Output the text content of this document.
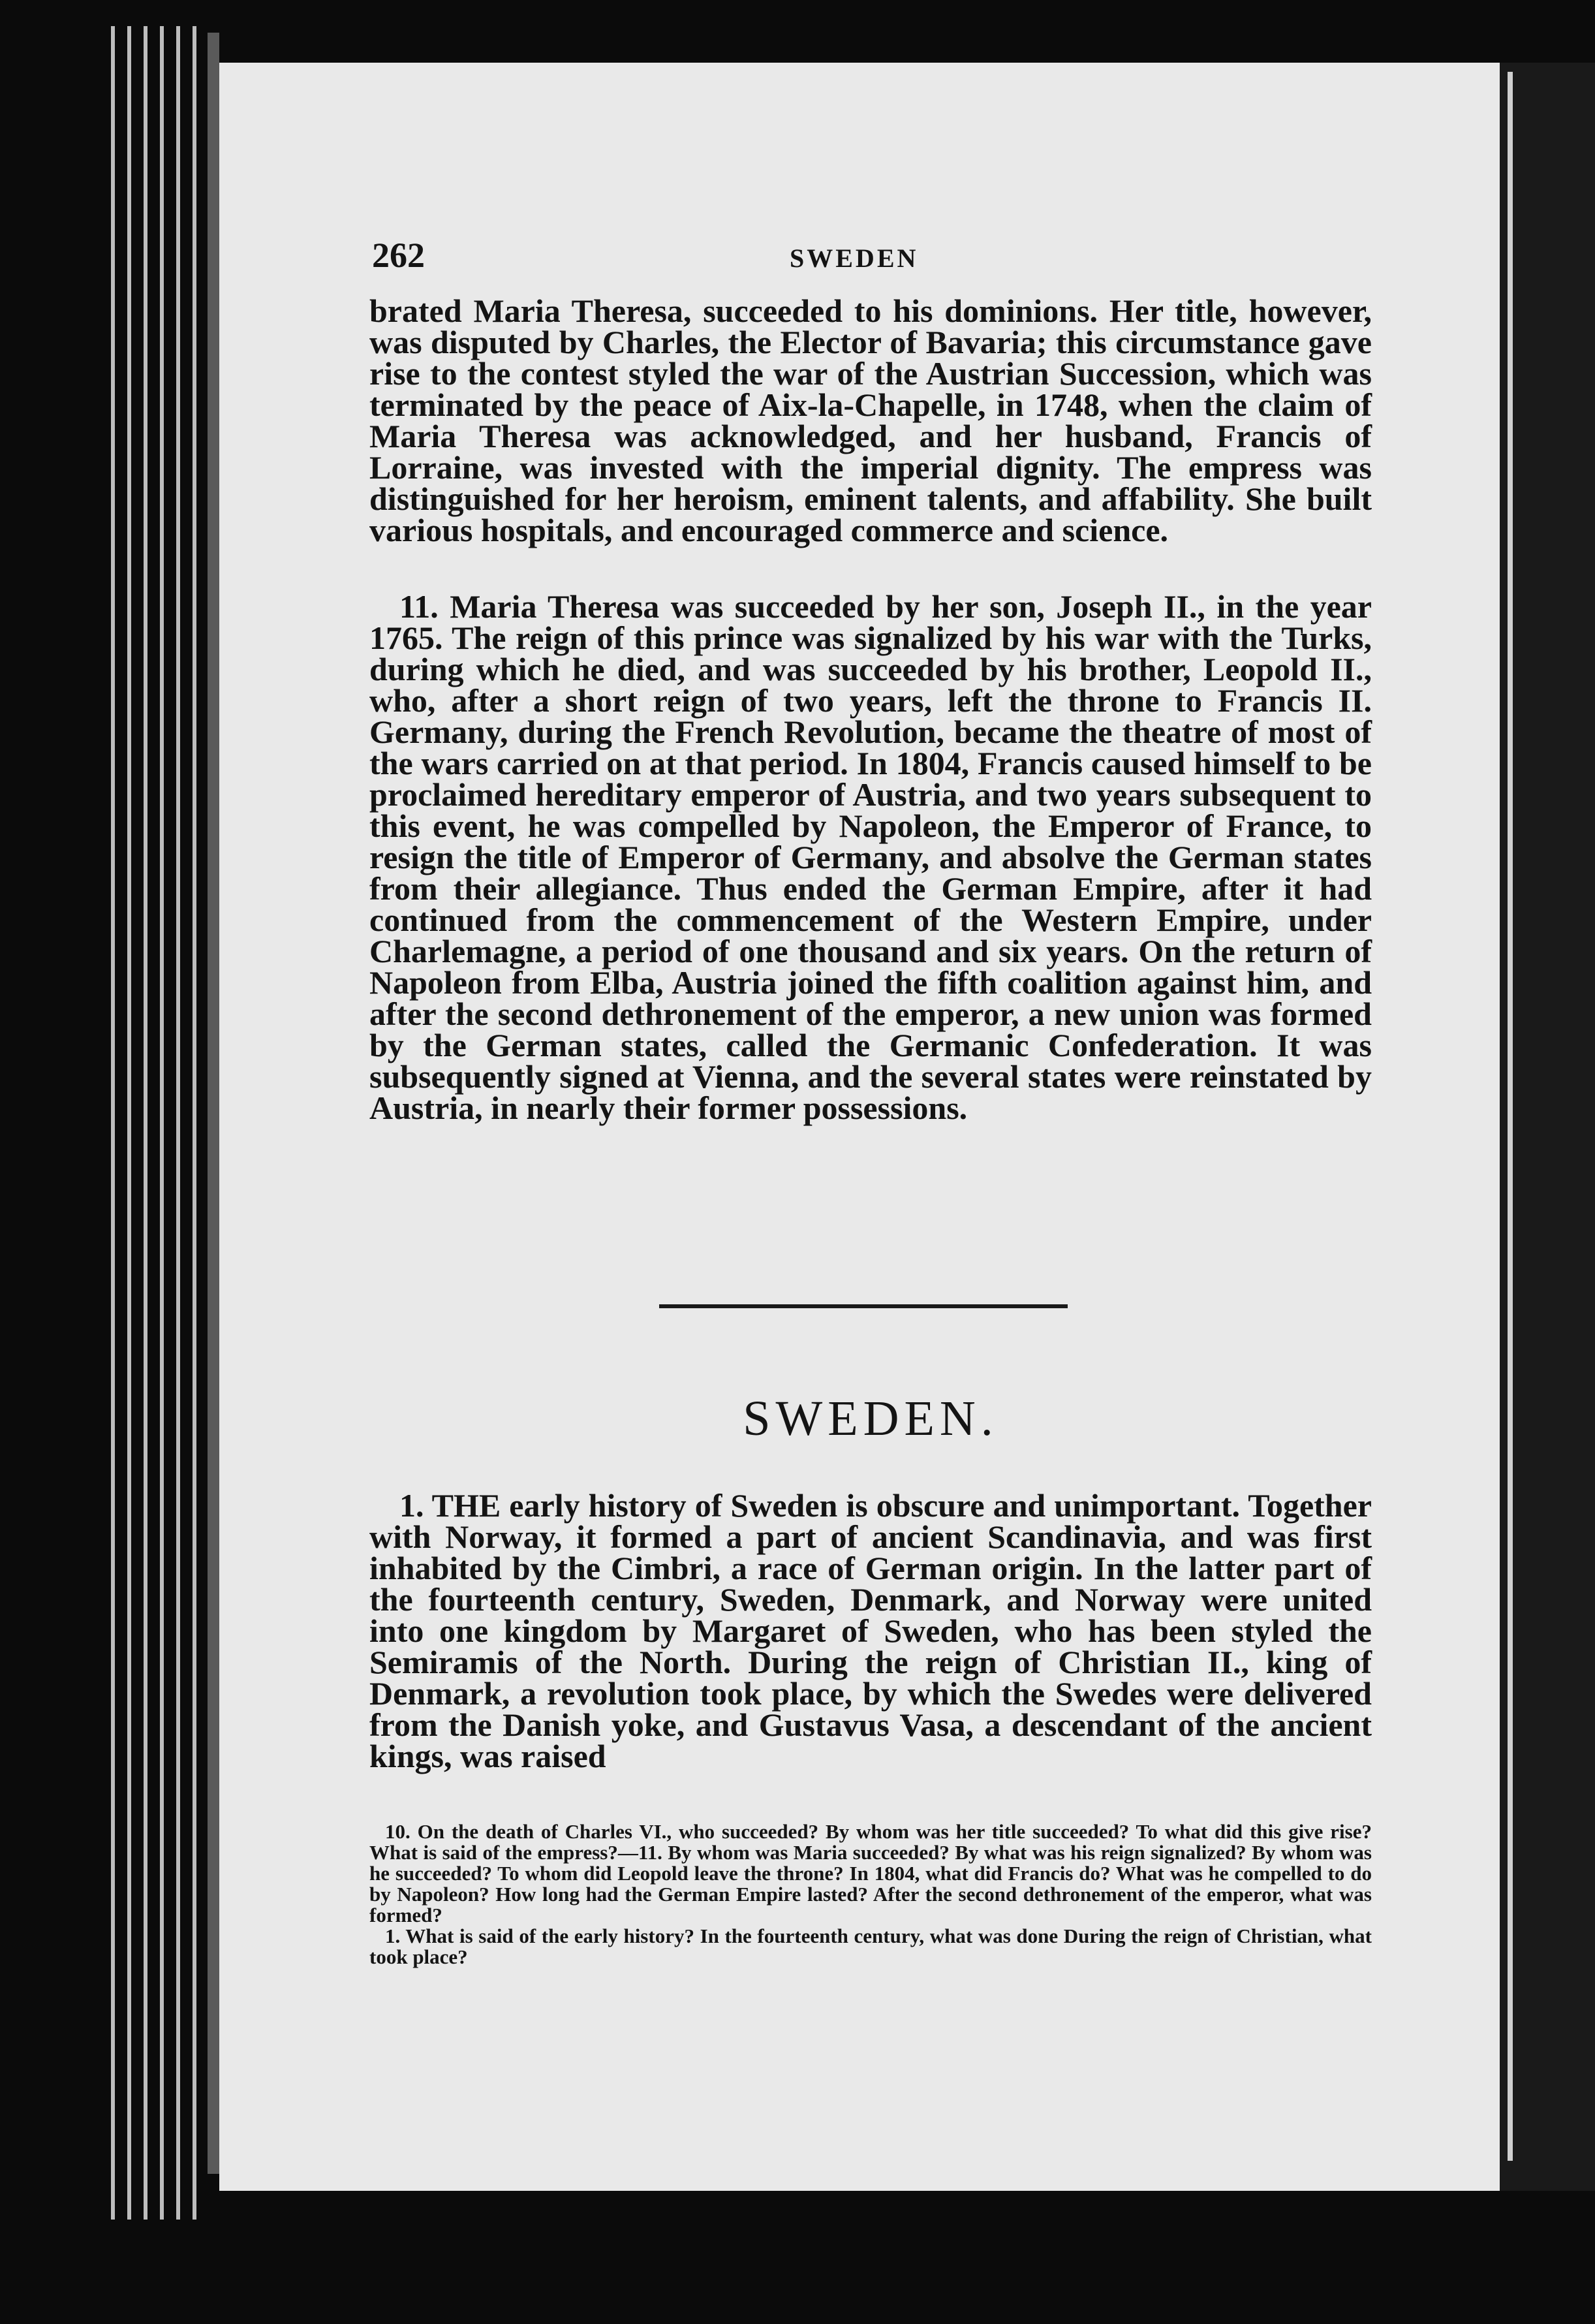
262	SWEDEN

brated Maria Theresa, succeeded to his dominions. Her title, however, was disputed by Charles, the Elector of Bavaria; this circumstance gave rise to the contest styled the war of the Austrian Succession, which was terminated by the peace of Aix-la-Chapelle, in 1748, when the claim of Maria Theresa was acknowledged, and her husband, Francis of Lorraine, was invested with the imperial dignity. The empress was distinguished for her heroism, eminent talents, and affability. She built various hospitals, and encouraged commerce and science.

11. Maria Theresa was succeeded by her son, Joseph II., in the year 1765. The reign of this prince was signalized by his war with the Turks, during which he died, and was succeeded by his brother, Leopold II., who, after a short reign of two years, left the throne to Francis II. Germany, during the French Revolution, became the theatre of most of the wars carried on at that period. In 1804, Francis caused himself to be proclaimed hereditary emperor of Austria, and two years subsequent to this event, he was compelled by Napoleon, the Emperor of France, to resign the title of Emperor of Germany, and absolve the German states from their allegiance. Thus ended the German Empire, after it had continued from the commencement of the Western Empire, under Charlemagne, a period of one thousand and six years. On the return of Napoleon from Elba, Austria joined the fifth coalition against him, and after the second dethronement of the emperor, a new union was formed by the German states, called the Germanic Confederation. It was subsequently signed at Vienna, and the several states were reinstated by Austria, in nearly their former possessions.

SWEDEN.

1. THE early history of Sweden is obscure and unimportant. Together with Norway, it formed a part of ancient Scandinavia, and was first inhabited by the Cimbri, a race of German origin. In the latter part of the fourteenth century, Sweden, Denmark, and Norway were united into one kingdom by Margaret of Sweden, who has been styled the Semiramis of the North. During the reign of Christian II., king of Denmark, a revolution took place, by which the Swedes were delivered from the Danish yoke, and Gustavus Vasa, a descendant of the ancient kings, was raised

10. On the death of Charles VI., who succeeded? By whom was her title succeeded? To what did this give rise? What is said of the empress?—11. By whom was Maria succeeded? By what was his reign signalized? By whom was he succeeded? To whom did Leopold leave the throne? In 1804, what did Francis do? What was he compelled to do by Napoleon? How long had the German Empire lasted? After the second dethronement of the emperor, what was formed?

1. What is said of the early history? In the fourteenth century, what was done During the reign of Christian, what took place?
